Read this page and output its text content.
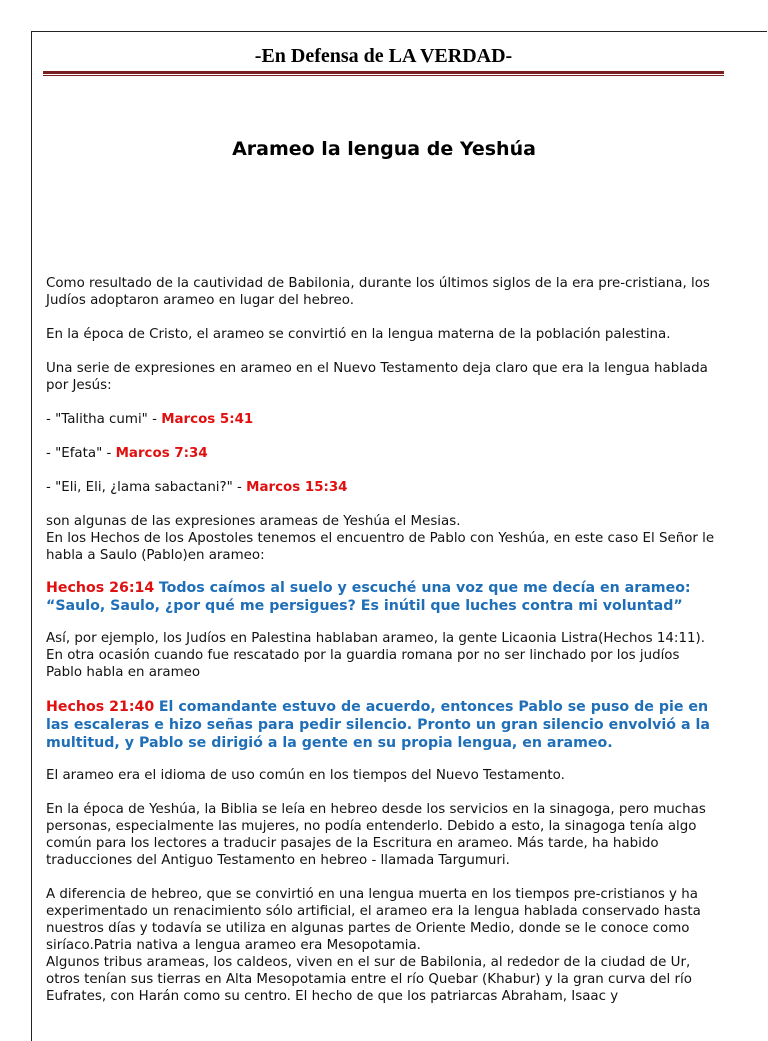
-En Defensa de LA VERDAD-
Arameo la lengua de Yeshúa

Como resultado de la cautividad de Babilonia, durante los últimos siglos de la era pre-cristiana, los Judíos adoptaron arameo en lugar del hebreo.

En la época de Cristo, el arameo se convirtió en la lengua materna de la población palestina.

Una serie de expresiones en arameo en el Nuevo Testamento deja claro que era la lengua hablada por Jesús:

- "Talitha cumi" - Marcos 5:41

- "Efata" - Marcos 7:34

- "Eli, Eli, ¿lama sabactani?" - Marcos 15:34

son algunas de las expresiones arameas de Yeshúa el Mesias.

En los Hechos de los Apostoles tenemos el encuentro de Pablo con Yeshúa, en este caso El Señor le habla a Saulo (Pablo)en arameo:

Hechos 26:14 Todos caímos al suelo y escuché una voz que me decía en arameo: “Saulo, Saulo, ¿por qué me persigues? Es inútil que luches contra mi voluntad”

Así, por ejemplo, los Judíos en Palestina hablaban arameo, la gente Licaonia Listra(Hechos 14:11). En otra ocasión cuando fue rescatado por la guardia romana por no ser linchado por los judíos Pablo habla en arameo

Hechos 21:40 El comandante estuvo de acuerdo, entonces Pablo se puso de pie en las escaleras e hizo señas para pedir silencio. Pronto un gran silencio envolvió a la multitud, y Pablo se dirigió a la gente en su propia lengua, en arameo.

El arameo era el idioma de uso común en los tiempos del Nuevo Testamento.

En la época de Yeshúa, la Biblia se leía en hebreo desde los servicios en la sinagoga, pero muchas personas, especialmente las mujeres, no podía entenderlo. Debido a esto, la sinagoga tenía algo común para los lectores a traducir pasajes de la Escritura en arameo. Más tarde, ha habido traducciones del Antiguo Testamento en hebreo - llamada Targumuri.

A diferencia de hebreo, que se convirtió en una lengua muerta en los tiempos pre-cristianos y ha experimentado un renacimiento sólo artificial, el arameo era la lengua hablada conservado hasta nuestros días y todavía se utiliza en algunas partes de Oriente Medio, donde se le conoce como siríaco.Patria nativa a lengua arameo era Mesopotamia.

Algunos tribus arameas, los caldeos, viven en el sur de Babilonia, al rededor de la ciudad de Ur, otros tenían sus tierras en Alta Mesopotamia entre el río Quebar (Khabur) y la gran curva del río Eufrates, con Harán como su centro. El hecho de que los patriarcas Abraham, Isaac y
